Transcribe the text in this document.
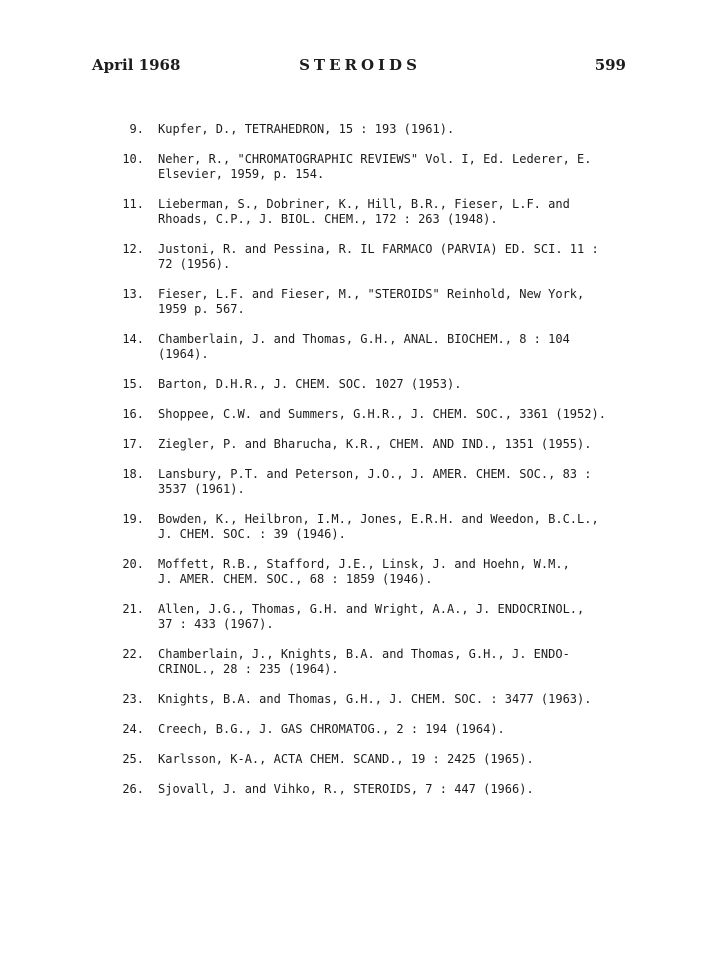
April 1968	STEROIDS	599
9. Kupfer, D., TETRAHEDRON, 15 : 193 (1961).
10. Neher, R., "CHROMATOGRAPHIC REVIEWS" Vol. I, Ed. Lederer, E.
Elsevier, 1959, p. 154.
11. Lieberman, S., Dobriner, K., Hill, B.R., Fieser, L.F. and
Rhoads, C.P., J. BIOL. CHEM., 172 : 263 (1948).
12. Justoni, R. and Pessina, R. IL FARMACO (PARVIA) ED. SCI. 11 :
72 (1956).
13. Fieser, L.F. and Fieser, M., "STEROIDS" Reinhold, New York,
1959 p. 567.
14. Chamberlain, J. and Thomas, G.H., ANAL. BIOCHEM., 8 : 104
(1964).
15. Barton, D.H.R., J. CHEM. SOC. 1027 (1953).
16. Shoppee, C.W. and Summers, G.H.R., J. CHEM. SOC., 3361 (1952).
17. Ziegler, P. and Bharucha, K.R., CHEM. AND IND., 1351 (1955).
18. Lansbury, P.T. and Peterson, J.O., J. AMER. CHEM. SOC., 83 :
3537 (1961).
19. Bowden, K., Heilbron, I.M., Jones, E.R.H. and Weedon, B.C.L.,
J. CHEM. SOC. : 39 (1946).
20. Moffett, R.B., Stafford, J.E., Linsk, J. and Hoehn, W.M.,
J. AMER. CHEM. SOC., 68 : 1859 (1946).
21. Allen, J.G., Thomas, G.H. and Wright, A.A., J. ENDOCRINOL.,
37 : 433 (1967).
22. Chamberlain, J., Knights, B.A. and Thomas, G.H., J. ENDO-
CRINOL., 28 : 235 (1964).
23. Knights, B.A. and Thomas, G.H., J. CHEM. SOC. : 3477 (1963).
24. Creech, B.G., J. GAS CHROMATOG., 2 : 194 (1964).
25. Karlsson, K-A., ACTA CHEM. SCAND., 19 : 2425 (1965).
26. Sjovall, J. and Vihko, R., STEROIDS, 7 : 447 (1966).
